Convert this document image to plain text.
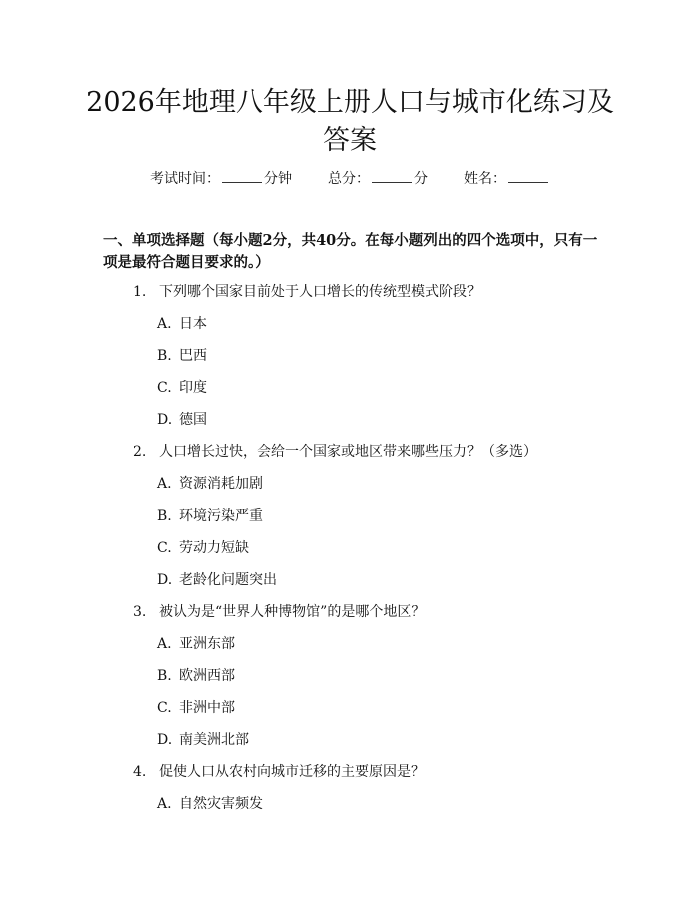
2026年地理八年级上册人口与城市化练习及
答案
考试时间：	分钟	总分：	分	姓名：
一、单项选择题（每小题2分，共40分。在每小题列出的四个选项中，只有一项是最符合题目要求的。）
1. 下列哪个国家目前处于人口增长的传统型模式阶段？
A. 日本
B. 巴西
C. 印度
D. 德国
2. 人口增长过快，会给一个国家或地区带来哪些压力？（多选）
A. 资源消耗加剧
B. 环境污染严重
C. 劳动力短缺
D. 老龄化问题突出
3. 被认为是“世界人种博物馆”的是哪个地区？
A. 亚洲东部
B. 欧洲西部
C. 非洲中部
D. 南美洲北部
4. 促使人口从农村向城市迁移的主要原因是？
A. 自然灾害频发
